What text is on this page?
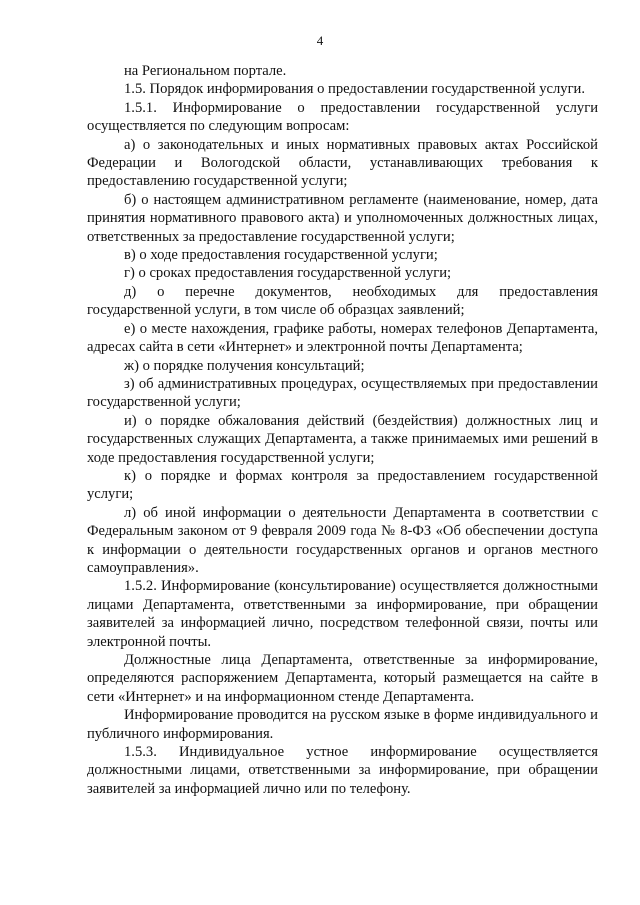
4

на Региональном портале.

1.5. Порядок информирования о предоставлении государственной услуги.

1.5.1. Информирование о предоставлении государственной услуги осуществляется по следующим вопросам:

а) о законодательных и иных нормативных правовых актах Российской Федерации и Вологодской области, устанавливающих требования к предоставлению государственной услуги;

б) о настоящем административном регламенте (наименование, номер, дата принятия нормативного правового акта) и уполномоченных должностных лицах, ответственных за предоставление государственной услуги;

в) о ходе предоставления государственной услуги;

г) о сроках предоставления государственной услуги;

д) о перечне документов, необходимых для предоставления государственной услуги, в том числе об образцах заявлений;

е) о месте нахождения, графике работы, номерах телефонов Департамента, адресах сайта в сети «Интернет» и электронной почты Департамента;

ж) о порядке получения консультаций;

з) об административных процедурах, осуществляемых при предоставлении государственной услуги;

и) о порядке обжалования действий (бездействия) должностных лиц и государственных служащих Департамента, а также принимаемых ими решений в ходе предоставления государственной услуги;

к) о порядке и формах контроля за предоставлением государственной услуги;

л) об иной информации о деятельности Департамента в соответствии с Федеральным законом от 9 февраля 2009 года № 8-ФЗ «Об обеспечении доступа к информации о деятельности государственных органов и органов местного самоуправления».

1.5.2. Информирование (консультирование) осуществляется должностными лицами Департамента, ответственными за информирование, при обращении заявителей за информацией лично, посредством телефонной связи, почты или электронной почты.

Должностные лица Департамента, ответственные за информирование, определяются распоряжением Департамента, который размещается на сайте в сети «Интернет» и на информационном стенде Департамента.

Информирование проводится на русском языке в форме индивидуального и публичного информирования.

1.5.3. Индивидуальное устное информирование осуществляется должностными лицами, ответственными за информирование, при обращении заявителей за информацией лично или по телефону.
